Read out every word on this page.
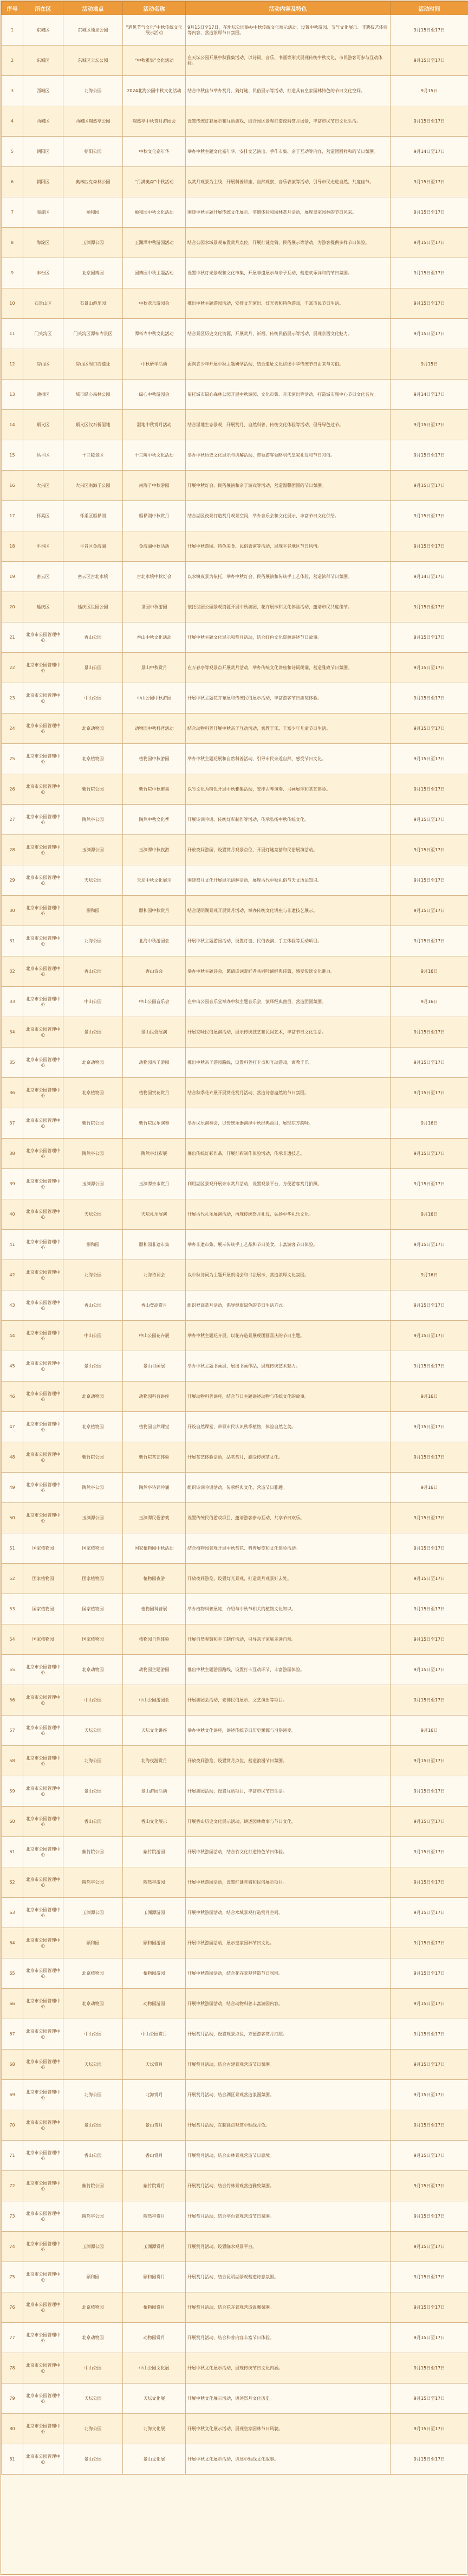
序号	所在区	活动地点	活动名称	活动内容及特色	活动时间
1	东城区	东城区地坛公园	“遇见节气文化”中秋传统文化展示活动	9月15日至17日，在地坛公园举办中秋传统文化展示活动，设置中秋游园、节气文化展示、非遗技艺体验等内容，营造浓厚节日氛围。	9月15日至17日
2	东城区	东城区天坛公园	“中秋雅集”文化活动	在天坛公园开展中秋雅集活动，以诗词、音乐、书画等形式展现传统中秋文化，市民游客可参与互动体验。	9月15日至17日
3	西城区	北海公园	2024北海公园中秋文化活动	结合中秋佳节举办赏月、猜灯谜、民俗展示等活动，打造具有皇家园林特色的节日文化空间。	9月15日
4	西城区	西城区陶然亭公园	陶然亭中秋赏月游园会	设置传统灯彩展示和互动游戏，结合园区景观打造夜间赏月场景，丰富市民节日文化生活。	9月15日至17日
5	朝阳区	朝阳公园	中秋文化嘉年华	举办中秋主题文化嘉年华，安排文艺演出、手作市集、亲子互动等内容，营造团圆祥和的节日氛围。	9月14日至17日
6	朝阳区	奥林匹克森林公园	“月满奥森”中秋活动	以赏月观景为主线，开展科普讲座、自然观察、音乐表演等活动，引导市民走进自然、共度佳节。	9月15日至17日
7	海淀区	颐和园	颐和园中秋文化活动	围绕中秋主题开展传统文化展示、非遗体验和园林赏月活动，展现皇家园林的节日风采。	9月15日至17日
8	海淀区	玉渊潭公园	玉渊潭中秋游园活动	结合公园水域景观布置赏月点位，开展灯谜竞猜、民俗展示等活动，为游客提供多样节日体验。	9月15日至17日
9	丰台区	北京园博园	园博园中秋主题活动	设置中秋灯光景观和文化市集，开展非遗展示与亲子互动，营造欢乐祥和的节日氛围。	9月15日至17日
10	石景山区	石景山游乐园	中秋欢乐游园会	推出中秋主题游园活动，安排文艺演出、灯光秀和特色游戏，丰富市民节日生活。	9月15日至17日
11	门头沟区	门头沟区潭柘寺景区	潭柘寺中秋文化活动	结合景区历史文化资源，开展赏月、祈福、传统民俗展示等活动，展现京西文化魅力。	9月15日至17日
12	房山区	房山区周口店遗址	中秋研学活动	面向青少年开展中秋主题研学活动，结合遗址文化讲述中华传统节日由来与习俗。	9月15日
13	通州区	城市绿心森林公园	绿心中秋游园会	依托城市绿心森林公园开展中秋游园、文化市集、音乐演出等活动，打造城市副中心节日文化名片。	9月14日至17日
14	顺义区	顺义区汉石桥湿地	湿地中秋赏月活动	结合湿地生态景观，开展赏月、自然科普、传统文化体验等活动，倡导绿色过节。	9月15日至17日
15	昌平区	十三陵景区	十三陵中秋文化活动	举办中秋历史文化展示与讲解活动，带领游客领略明代皇家礼仪和节日习俗。	9月15日至17日
16	大兴区	大兴区南海子公园	南海子中秋游园	开展中秋灯会、民俗展演和亲子游戏等活动，营造温馨团圆的节日氛围。	9月15日至17日
17	怀柔区	怀柔区雁栖湖	雁栖湖中秋赏月	结合湖区夜景打造赏月观景空间，举办音乐会和文化展示，丰富节日文化供给。	9月15日至17日
18	平谷区	平谷区金海湖	金海湖中秋活动	开展中秋游园、特色美食、民俗表演等活动，展现平谷地区节日风情。	9月15日至17日
19	密云区	密云区古北水镇	古北水镇中秋灯会	以水镇夜景为依托，举办中秋灯会、民俗展演和传统手工艺体验，营造浓郁节日氛围。	9月14日至17日
20	延庆区	延庆区世园公园	世园中秋游园	依托世园公园景观资源开展中秋游园、花卉展示和文化体验活动，邀请市民共度佳节。	9月15日至17日
21	北京市公园管理中心	香山公园	香山中秋文化活动	开展中秋主题文化展示和赏月活动，结合红色文化资源讲述节日故事。	9月15日至17日
22	北京市公园管理中心	景山公园	景山中秋赏月	在万春亭等观景点开展赏月活动，举办传统文化讲座和诗词朗诵，营造雅致节日氛围。	9月15日至17日
23	北京市公园管理中心	中山公园	中山公园中秋游园	开展中秋主题花卉布展和传统民俗展示活动，丰富游客节日游览体验。	9月15日至17日
24	北京市公园管理中心	北京动物园	动物园中秋科普活动	结合动物科普开展中秋亲子互动活动，寓教于乐，丰富少年儿童节日生活。	9月15日至17日
25	北京市公园管理中心	北京植物园	植物园中秋游园	举办中秋主题花展和自然科普活动，引导市民亲近自然、感受节日文化。	9月15日至17日
26	北京市公园管理中心	紫竹院公园	紫竹院中秋雅集	以竹文化为特色开展中秋雅集活动，安排古琴演奏、书画展示和茶艺体验。	9月15日至17日
27	北京市公园管理中心	陶然亭公园	陶然中秋文化季	开展诗词吟诵、传统灯彩制作等活动，传承弘扬中秋传统文化。	9月15日至17日
28	北京市公园管理中心	玉渊潭公园	玉渊潭中秋夜游	开放夜间游园，设置赏月观景点位，开展灯谜竞猜和民俗展演活动。	9月15日至17日
29	北京市公园管理中心	天坛公园	天坛中秋文化展示	围绕祭月文化开展展示讲解活动，展现古代中秋礼俗与天文历法知识。	9月15日至17日
30	北京市公园管理中心	颐和园	颐和园中秋赏月	结合昆明湖景观开展赏月活动，举办传统文化讲座与非遗技艺展示。	9月15日至17日
31	北京市公园管理中心	北海公园	北海中秋游园会	开展中秋主题游园活动，设置灯谜、民俗表演、手工体验等互动项目。	9月15日至17日
32	北京市公园管理中心	香山公园	香山诗会	举办中秋主题诗会，邀请诗词爱好者共同吟诵经典诗篇，感受传统文化魅力。	9月16日
33	北京市公园管理中心	中山公园	中山公园音乐会	在中山公园音乐堂举办中秋主题音乐会，演绎经典曲目，营造团圆氛围。	9月16日
34	北京市公园管理中心	景山公园	景山民俗展演	开展京味民俗展演活动，展示传统技艺和民间艺术，丰富节日文化生活。	9月15日至17日
35	北京市公园管理中心	北京动物园	动物园亲子游园	推出中秋亲子游园路线，设置科普打卡点和互动游戏，寓教于乐。	9月15日至17日
36	北京市公园管理中心	北京植物园	植物园赏花赏月	结合秋季花卉展开展赏花赏月活动，营造诗意盎然的节日氛围。	9月15日至17日
37	北京市公园管理中心	紫竹院公园	紫竹院民乐演奏	举办民乐演奏会，以传统乐器演绎中秋经典曲目，展现东方韵味。	9月16日
38	北京市公园管理中心	陶然亭公园	陶然亭灯彩展	展出传统灯彩作品，开展灯彩制作体验活动，传承非遗技艺。	9月15日至17日
39	北京市公园管理中心	玉渊潭公园	玉渊潭亲水赏月	利用湖区景观开展亲水赏月活动，设置观景平台，方便游客赏月拍照。	9月15日至17日
40	北京市公园管理中心	天坛公园	天坛礼乐展演	开展古代礼乐展演活动，再现传统祭月礼仪，弘扬中华礼乐文化。	9月16日
41	北京市公园管理中心	颐和园	颐和园非遗市集	举办非遗市集，展示传统手工艺品和节日美食，丰富游客节日体验。	9月15日至17日
42	北京市公园管理中心	北海公园	北海诗词会	以中秋诗词为主题开展朗诵会和书法展示，营造浓厚文化氛围。	9月16日
43	北京市公园管理中心	香山公园	香山登高赏月	组织登高赏月活动，倡导健康绿色的节日生活方式。	9月15日至17日
44	北京市公园管理中心	中山公园	中山公园花卉展	举办中秋主题花卉展，以花卉造景展现团圆喜庆的节日主题。	9月15日至17日
45	北京市公园管理中心	景山公园	景山书画展	举办中秋主题书画展，展出书画作品，展现传统艺术魅力。	9月15日至17日
46	北京市公园管理中心	北京动物园	动物园科普讲座	开展动物科普讲座，结合节日主题讲述动物与传统文化的故事。	9月16日
47	北京市公园管理中心	北京植物园	植物园自然课堂	开设自然课堂，带领市民认识秋季植物，体验自然之美。	9月15日至17日
48	北京市公园管理中心	紫竹院公园	紫竹院茶艺体验	开展茶艺体验活动，品茗赏月，感受传统茶文化。	9月15日至17日
49	北京市公园管理中心	陶然亭公园	陶然亭诗词吟诵	组织诗词吟诵活动，传承经典文化，营造节日雅趣。	9月16日
50	北京市公园管理中心	玉渊潭公园	玉渊潭民俗游戏	设置传统民俗游戏项目，邀请游客参与互动，共享节日欢乐。	9月15日至17日
51	国家植物园	国家植物园	国家植物园中秋活动	结合植物园景观开展中秋赏花、科普展览和文化体验活动。	9月15日至17日
52	国家植物园	国家植物园	植物园夜游	开放夜间游览，设置灯光景观，打造赏月观景好去处。	9月15日至17日
53	国家植物园	国家植物园	植物园科普展	举办植物科普展览，介绍与中秋节相关的植物文化知识。	9月15日至17日
54	国家植物园	国家植物园	植物园自然体验	开展自然观察和手工制作活动，引导亲子家庭走进自然。	9月15日至17日
55	北京市公园管理中心	北京动物园	动物园主题游园	推出中秋主题游园路线，设置打卡互动环节，丰富游园体验。	9月15日至17日
56	北京市公园管理中心	中山公园	中山公园游园会	开展游园会活动，安排民俗展示、文艺演出等项目。	9月15日至17日
57	北京市公园管理中心	天坛公园	天坛文化讲座	举办中秋文化讲座，讲述传统节日历史渊源与习俗演变。	9月16日
58	北京市公园管理中心	北海公园	北海夜游赏月	开放夜间游览，设置赏月点位，营造浪漫节日氛围。	9月15日至17日
59	北京市公园管理中心	景山公园	景山游园活动	开展游园活动，设置互动项目，丰富市民节日生活。	9月15日至17日
60	北京市公园管理中心	香山公园	香山文化展示	开展香山历史文化展示活动，讲述园林故事与节日文化。	9月15日至17日
61	北京市公园管理中心	紫竹院公园	紫竹院游园	开展中秋游园活动，结合竹文化打造特色节日体验。	9月15日至17日
62	北京市公园管理中心	陶然亭公园	陶然亭游园	开展中秋游园活动，设置灯谜竞猜和民俗展示项目。	9月15日至17日
63	北京市公园管理中心	玉渊潭公园	玉渊潭游园	开展中秋游园活动，结合水域景观打造赏月空间。	9月15日至17日
64	北京市公园管理中心	颐和园	颐和园游园	开展中秋游园活动，展示皇家园林节日文化。	9月15日至17日
65	北京市公园管理中心	北京植物园	植物园游园	开展中秋游园活动，结合花卉景观营造节日氛围。	9月15日至17日
66	北京市公园管理中心	北京动物园	动物园游园	开展中秋游园活动，结合动物科普丰富游园内容。	9月15日至17日
67	北京市公园管理中心	中山公园	中山公园赏月	开展赏月活动，设置观景点位，方便游客赏月拍照。	9月15日至17日
68	北京市公园管理中心	天坛公园	天坛赏月	开展赏月活动，结合古建景观营造节日氛围。	9月15日至17日
69	北京市公园管理中心	北海公园	北海赏月	开展赏月活动，结合湖区景观营造浪漫氛围。	9月15日至17日
70	北京市公园管理中心	景山公园	景山赏月	开展赏月活动，在制高点观赏中轴线月色。	9月15日至17日
71	北京市公园管理中心	香山公园	香山赏月	开展赏月活动，结合山林景观营造节日意境。	9月15日至17日
72	北京市公园管理中心	紫竹院公园	紫竹院赏月	开展赏月活动，结合竹林景观营造雅致氛围。	9月15日至17日
73	北京市公园管理中心	陶然亭公园	陶然亭赏月	开展赏月活动，结合亭台景观营造节日氛围。	9月15日至17日
74	北京市公园管理中心	玉渊潭公园	玉渊潭赏月	开展赏月活动，设置临水观景平台。	9月15日至17日
75	北京市公园管理中心	颐和园	颐和园赏月	开展赏月活动，结合昆明湖景观营造诗意氛围。	9月15日至17日
76	北京市公园管理中心	北京植物园	植物园赏月	开展赏月活动，结合花卉景观营造温馨氛围。	9月15日至17日
77	北京市公园管理中心	北京动物园	动物园赏月	开展赏月活动，结合科普内容丰富节日体验。	9月15日至17日
78	北京市公园管理中心	中山公园	中山公园文化展	开展中秋文化展示活动，展现传统节日文化内涵。	9月15日至17日
79	北京市公园管理中心	天坛公园	天坛文化展	开展中秋文化展示活动，讲述祭月文化历史。	9月15日至17日
80	北京市公园管理中心	北海公园	北海文化展	开展中秋文化展示活动，展现皇家园林节日风貌。	9月15日至17日
81	北京市公园管理中心	景山公园	景山文化展	开展中秋文化展示活动，讲述中轴线文化故事。	9月15日至17日
